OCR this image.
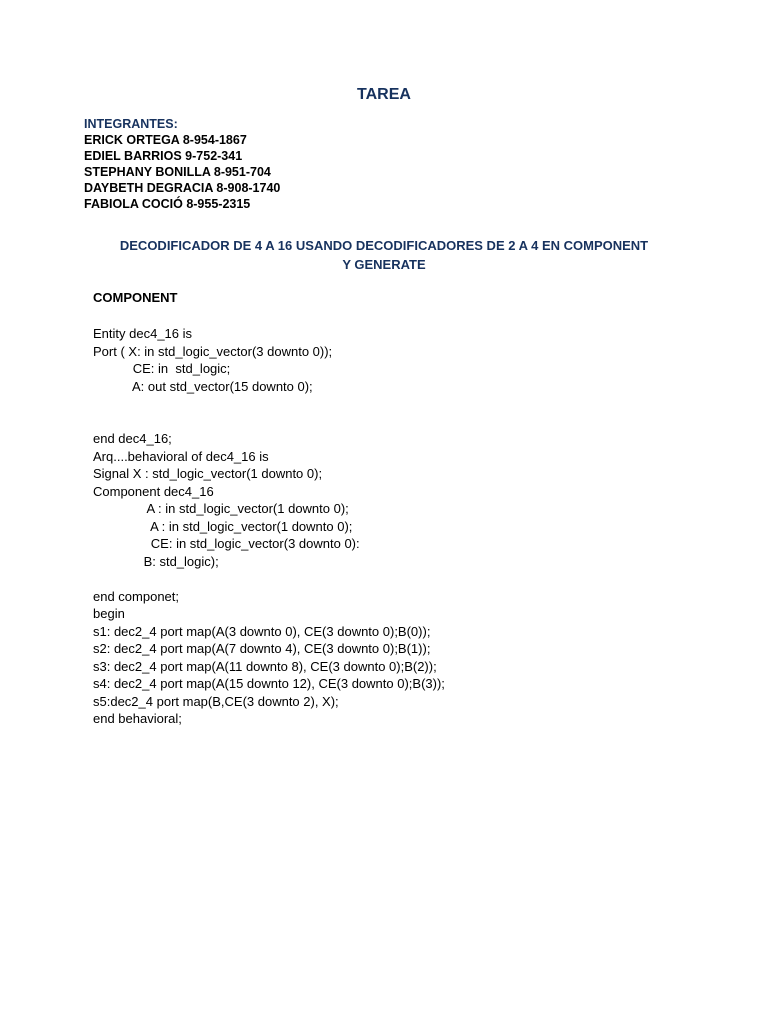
TAREA
INTEGRANTES:
ERICK ORTEGA 8-954-1867
EDIEL BARRIOS 9-752-341
STEPHANY BONILLA 8-951-704
DAYBETH DEGRACIA 8-908-1740
FABIOLA COCIÓ 8-955-2315
DECODIFICADOR DE 4 A 16 USANDO DECODIFICADORES DE 2 A 4 EN COMPONENT
Y GENERATE
COMPONENT
Entity dec4_16 is
Port ( X: in std_logic_vector(3 downto 0));
CE: in  std_logic;
A: out std_vector(15 downto 0);
end dec4_16;
Arq....behavioral of dec4_16 is
Signal X : std_logic_vector(1 downto 0);
Component dec4_16
A : in std_logic_vector(1 downto 0);
A : in std_logic_vector(1 downto 0);
CE: in std_logic_vector(3 downto 0):
B: std_logic);
end componet;
begin
s1: dec2_4 port map(A(3 downto 0), CE(3 downto 0);B(0));
s2: dec2_4 port map(A(7 downto 4), CE(3 downto 0);B(1));
s3: dec2_4 port map(A(11 downto 8), CE(3 downto 0);B(2));
s4: dec2_4 port map(A(15 downto 12), CE(3 downto 0);B(3));
s5:dec2_4 port map(B,CE(3 downto 2), X);
end behavioral;
